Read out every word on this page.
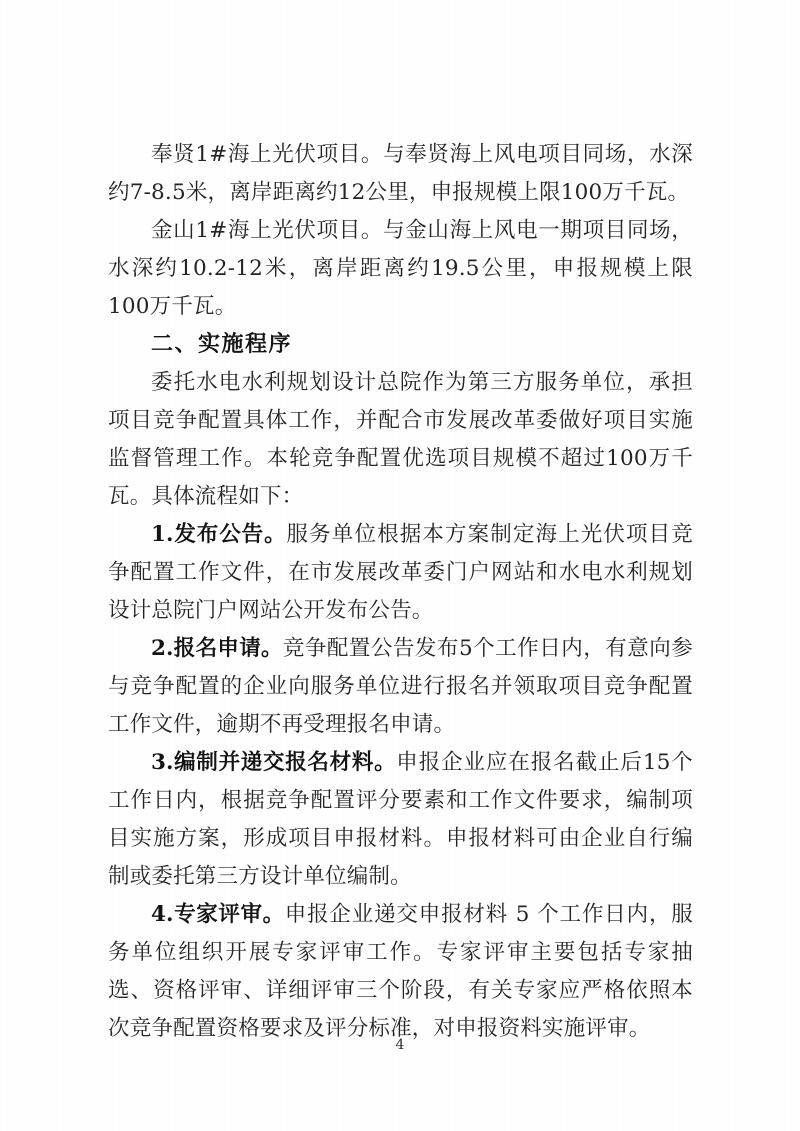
奉贤1#海上光伏项目。与奉贤海上风电项目同场，水深约7-8.5米，离岸距离约12公里，申报规模上限100万千瓦。

金山1#海上光伏项目。与金山海上风电一期项目同场，水深约10.2-12米，离岸距离约19.5公里，申报规模上限100万千瓦。

二、实施程序

委托水电水利规划设计总院作为第三方服务单位，承担项目竞争配置具体工作，并配合市发展改革委做好项目实施监督管理工作。本轮竞争配置优选项目规模不超过100万千瓦。具体流程如下：

1.发布公告。服务单位根据本方案制定海上光伏项目竞争配置工作文件，在市发展改革委门户网站和水电水利规划设计总院门户网站公开发布公告。

2.报名申请。竞争配置公告发布5个工作日内，有意向参与竞争配置的企业向服务单位进行报名并领取项目竞争配置工作文件，逾期不再受理报名申请。

3.编制并递交报名材料。申报企业应在报名截止后15个工作日内，根据竞争配置评分要素和工作文件要求，编制项目实施方案，形成项目申报材料。申报材料可由企业自行编制或委托第三方设计单位编制。

4.专家评审。申报企业递交申报材料 5 个工作日内，服务单位组织开展专家评审工作。专家评审主要包括专家抽选、资格评审、详细评审三个阶段，有关专家应严格依照本次竞争配置资格要求及评分标准，对申报资料实施评审。

4
